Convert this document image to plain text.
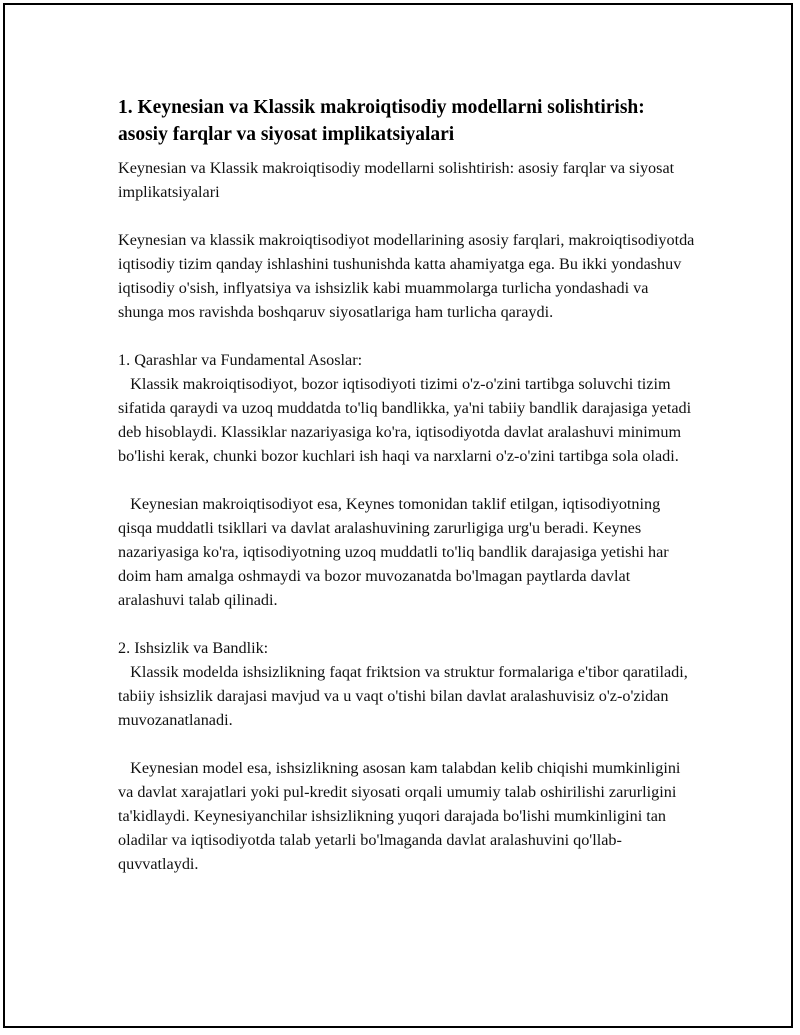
1. Keynesian va Klassik makroiqtisodiy modellarni solishtirish: asosiy farqlar va siyosat implikatsiyalari

Keynesian va Klassik makroiqtisodiy modellarni solishtirish: asosiy farqlar va siyosat implikatsiyalari

Keynesian va klassik makroiqtisodiyot modellarining asosiy farqlari, makroiqtisodiyotda iqtisodiy tizim qanday ishlashini tushunishda katta ahamiyatga ega. Bu ikki yondashuv iqtisodiy o'sish, inflyatsiya va ishsizlik kabi muammolarga turlicha yondashadi va shunga mos ravishda boshqaruv siyosatlariga ham turlicha qaraydi.

1. Qarashlar va Fundamental Asoslar:

Klassik makroiqtisodiyot, bozor iqtisodiyoti tizimi o'z-o'zini tartibga soluvchi tizim sifatida qaraydi va uzoq muddatda to'liq bandlikka, ya'ni tabiiy bandlik darajasiga yetadi deb hisoblaydi. Klassiklar nazariyasiga ko'ra, iqtisodiyotda davlat aralashuvi minimum bo'lishi kerak, chunki bozor kuchlari ish haqi va narxlarni o'z-o'zini tartibga sola oladi.

Keynesian makroiqtisodiyot esa, Keynes tomonidan taklif etilgan, iqtisodiyotning qisqa muddatli tsikllari va davlat aralashuvining zarurligiga urg'u beradi. Keynes nazariyasiga ko'ra, iqtisodiyotning uzoq muddatli to'liq bandlik darajasiga yetishi har doim ham amalga oshmaydi va bozor muvozanatda bo'lmagan paytlarda davlat aralashuvi talab qilinadi.

2. Ishsizlik va Bandlik:

Klassik modelda ishsizlikning faqat friktsion va struktur formalariga e'tibor qaratiladi, tabiiy ishsizlik darajasi mavjud va u vaqt o'tishi bilan davlat aralashuvisiz o'z-o'zidan muvozanatlanadi.

Keynesian model esa, ishsizlikning asosan kam talabdan kelib chiqishi mumkinligini va davlat xarajatlari yoki pul-kredit siyosati orqali umumiy talab oshirilishi zarurligini ta'kidlaydi. Keynesiyanchilar ishsizlikning yuqori darajada bo'lishi mumkinligini tan oladilar va iqtisodiyotda talab yetarli bo'lmaganda davlat aralashuvini qo'llab-quvvatlaydi.
